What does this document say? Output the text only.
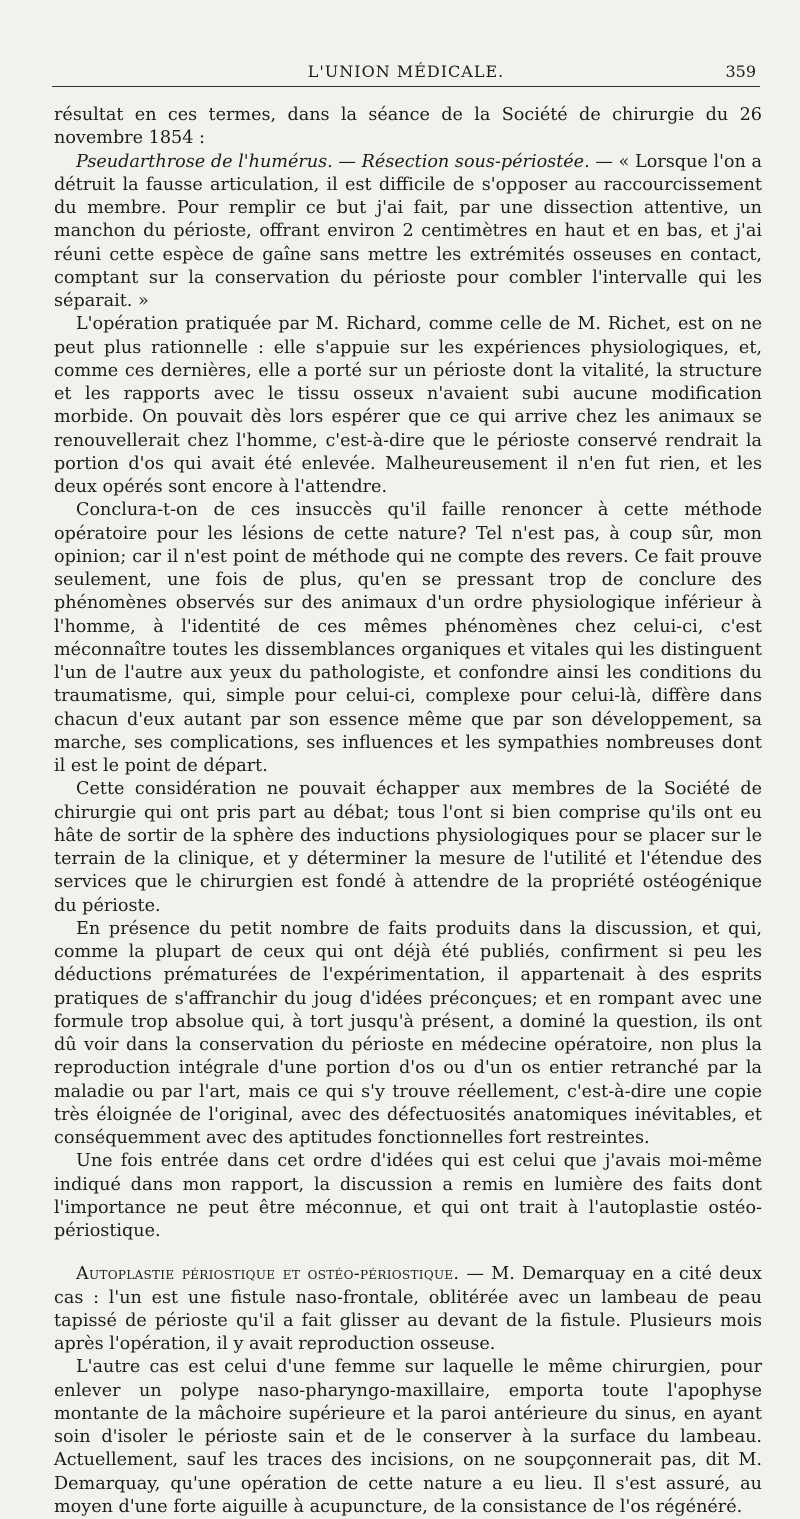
L'UNION MÉDICALE.	359

résultat en ces termes, dans la séance de la Société de chirurgie du 26 novembre 1854 :

Pseudarthrose de l'humérus. — Résection sous-périostée. — « Lorsque l'on a détruit la fausse articulation, il est difficile de s'opposer au raccourcissement du membre. Pour remplir ce but j'ai fait, par une dissection attentive, un manchon du périoste, offrant environ 2 centimètres en haut et en bas, et j'ai réuni cette espèce de gaîne sans mettre les extrémités osseuses en contact, comptant sur la conservation du périoste pour combler l'intervalle qui les séparait. »

L'opération pratiquée par M. Richard, comme celle de M. Richet, est on ne peut plus rationnelle : elle s'appuie sur les expériences physiologiques, et, comme ces dernières, elle a porté sur un périoste dont la vitalité, la structure et les rapports avec le tissu osseux n'avaient subi aucune modification morbide. On pouvait dès lors espérer que ce qui arrive chez les animaux se renouvellerait chez l'homme, c'est-à-dire que le périoste conservé rendrait la portion d'os qui avait été enlevée. Malheureusement il n'en fut rien, et les deux opérés sont encore à l'attendre.

Conclura-t-on de ces insuccès qu'il faille renoncer à cette méthode opératoire pour les lésions de cette nature? Tel n'est pas, à coup sûr, mon opinion; car il n'est point de méthode qui ne compte des revers. Ce fait prouve seulement, une fois de plus, qu'en se pressant trop de conclure des phénomènes observés sur des animaux d'un ordre physiologique inférieur à l'homme, à l'identité de ces mêmes phénomènes chez celui-ci, c'est méconnaître toutes les dissemblances organiques et vitales qui les distinguent l'un de l'autre aux yeux du pathologiste, et confondre ainsi les conditions du traumatisme, qui, simple pour celui-ci, complexe pour celui-là, diffère dans chacun d'eux autant par son essence même que par son développement, sa marche, ses complications, ses influences et les sympathies nombreuses dont il est le point de départ.

Cette considération ne pouvait échapper aux membres de la Société de chirurgie qui ont pris part au débat; tous l'ont si bien comprise qu'ils ont eu hâte de sortir de la sphère des inductions physiologiques pour se placer sur le terrain de la clinique, et y déterminer la mesure de l'utilité et l'étendue des services que le chirurgien est fondé à attendre de la propriété ostéogénique du périoste.

En présence du petit nombre de faits produits dans la discussion, et qui, comme la plupart de ceux qui ont déjà été publiés, confirment si peu les déductions prématurées de l'expérimentation, il appartenait à des esprits pratiques de s'affranchir du joug d'idées préconçues; et en rompant avec une formule trop absolue qui, à tort jusqu'à présent, a dominé la question, ils ont dû voir dans la conservation du périoste en médecine opératoire, non plus la reproduction intégrale d'une portion d'os ou d'un os entier retranché par la maladie ou par l'art, mais ce qui s'y trouve réellement, c'est-à-dire une copie très éloignée de l'original, avec des défectuosités anatomiques inévitables, et conséquemment avec des aptitudes fonctionnelles fort restreintes.

Une fois entrée dans cet ordre d'idées qui est celui que j'avais moi-même indiqué dans mon rapport, la discussion a remis en lumière des faits dont l'importance ne peut être méconnue, et qui ont trait à l'autoplastie ostéo-périostique.

Autoplastie périostique et ostéo-périostique. — M. Demarquay en a cité deux cas : l'un est une fistule naso-frontale, oblitérée avec un lambeau de peau tapissé de périoste qu'il a fait glisser au devant de la fistule. Plusieurs mois après l'opération, il y avait reproduction osseuse.

L'autre cas est celui d'une femme sur laquelle le même chirurgien, pour enlever un polype naso-pharyngo-maxillaire, emporta toute l'apophyse montante de la mâchoire supérieure et la paroi antérieure du sinus, en ayant soin d'isoler le périoste sain et de le conserver à la surface du lambeau. Actuellement, sauf les traces des incisions, on ne soupçonnerait pas, dit M. Demarquay, qu'une opération de cette nature a eu lieu. Il s'est assuré, au moyen d'une forte aiguille à acupuncture, de la consistance de l'os régénéré.
